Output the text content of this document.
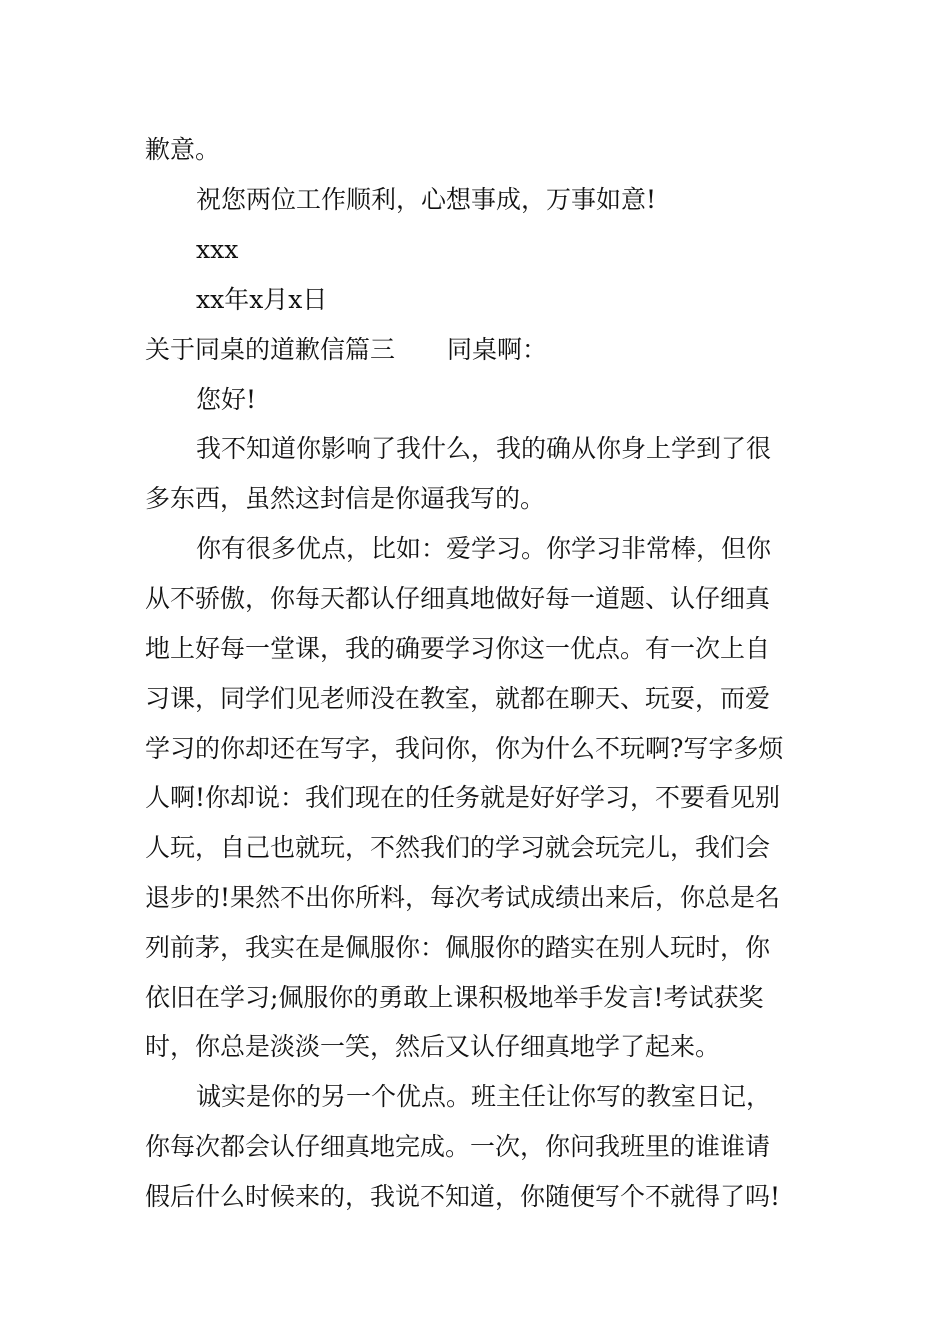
歉意。
祝您两位工作顺利，心想事成，万事如意!
xxx
xx年x月x日
关于同桌的道歉信篇三 同桌啊：
您好!
我不知道你影响了我什么，我的确从你身上学到了很
多东西，虽然这封信是你逼我写的。
你有很多优点，比如：爱学习。你学习非常棒，但你
从不骄傲，你每天都认仔细真地做好每一道题、认仔细真
地上好每一堂课，我的确要学习你这一优点。有一次上自
习课，同学们见老师没在教室，就都在聊天、玩耍，而爱
学习的你却还在写字，我问你，你为什么不玩啊?写字多烦
人啊!你却说：我们现在的任务就是好好学习，不要看见别
人玩，自己也就玩，不然我们的学习就会玩完儿，我们会
退步的!果然不出你所料，每次考试成绩出来后，你总是名
列前茅，我实在是佩服你：佩服你的踏实在别人玩时，你
依旧在学习;佩服你的勇敢上课积极地举手发言!考试获奖
时，你总是淡淡一笑，然后又认仔细真地学了起来。
诚实是你的另一个优点。班主任让你写的教室日记，
你每次都会认仔细真地完成。一次，你问我班里的谁谁请
假后什么时候来的，我说不知道，你随便写个不就得了吗!
